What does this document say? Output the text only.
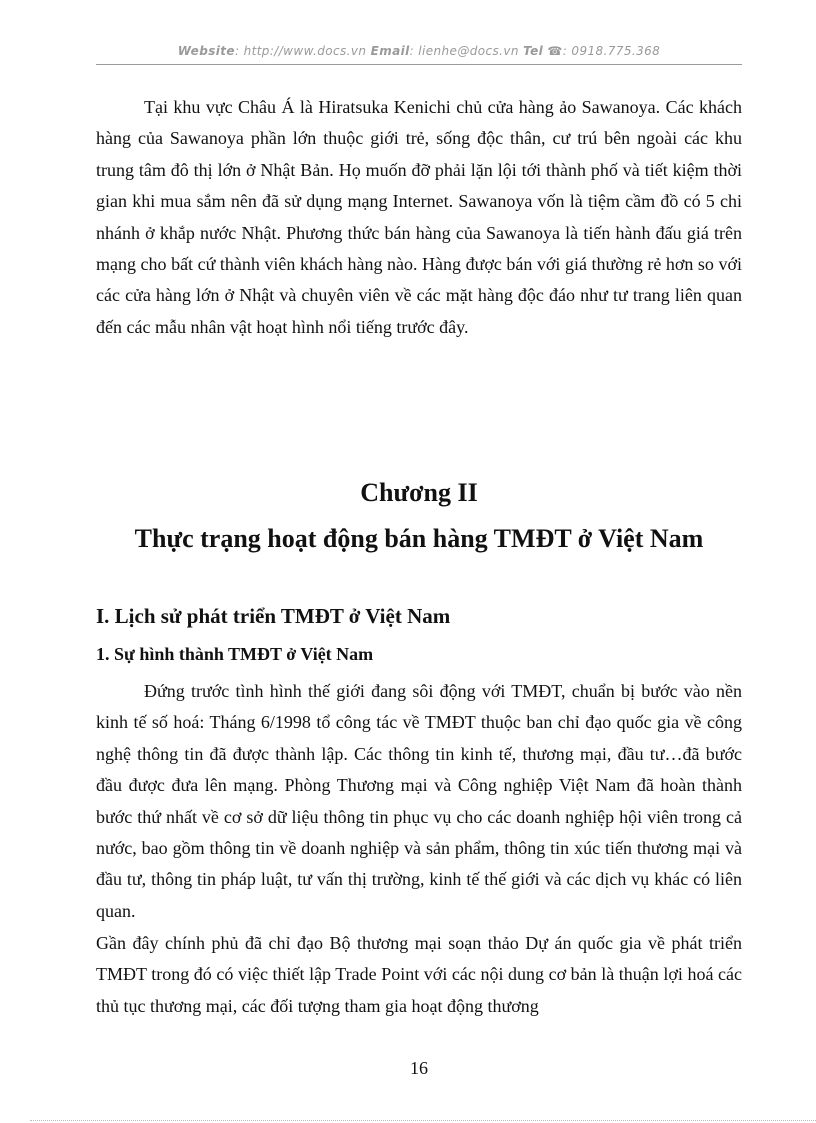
Website: http://www.docs.vn Email: lienhe@docs.vn Tel ☎: 0918.775.368

Tại khu vực Châu Á là Hiratsuka Kenichi chủ cửa hàng ảo Sawanoya. Các khách hàng của Sawanoya phần lớn thuộc giới trẻ, sống độc thân, cư trú bên ngoài các khu trung tâm đô thị lớn ở Nhật Bản. Họ muốn đỡ phải lặn lội tới thành phố và tiết kiệm thời gian khi mua sắm nên đã sử dụng mạng Internet. Sawanoya vốn là tiệm cầm đồ có 5 chi nhánh ở khắp nước Nhật. Phương thức bán hàng của Sawanoya là tiến hành đấu giá trên mạng cho bất cứ thành viên khách hàng nào. Hàng được bán với giá thường rẻ hơn so với các cửa hàng lớn ở Nhật và chuyên viên về các mặt hàng độc đáo như tư trang liên quan đến các mẫu nhân vật hoạt hình nổi tiếng trước đây.

Chương II
Thực trạng hoạt động bán hàng TMĐT ở Việt Nam
I. Lịch sử phát triển TMĐT ở Việt Nam
1. Sự hình thành TMĐT ở Việt Nam

Đứng trước tình hình thế giới đang sôi động với TMĐT, chuẩn bị bước vào nền kinh tế số hoá: Tháng 6/1998 tổ công tác về TMĐT thuộc ban chỉ đạo quốc gia về công nghệ thông tin đã được thành lập. Các thông tin kinh tế, thương mại, đầu tư…đã bước đầu được đưa lên mạng. Phòng Thương mại và Công nghiệp Việt Nam đã hoàn thành bước thứ nhất về cơ sở dữ liệu thông tin phục vụ cho các doanh nghiệp hội viên trong cả nước, bao gồm thông tin về doanh nghiệp và sản phẩm, thông tin xúc tiến thương mại và đầu tư, thông tin pháp luật, tư vấn thị trường, kinh tế thế giới và các dịch vụ khác có liên quan.

Gần đây chính phủ đã chỉ đạo Bộ thương mại soạn thảo Dự án quốc gia về phát triển TMĐT trong đó có việc thiết lập Trade Point với các nội dung cơ bản là thuận lợi hoá các thủ tục thương mại, các đối tượng tham gia hoạt động thương

16
